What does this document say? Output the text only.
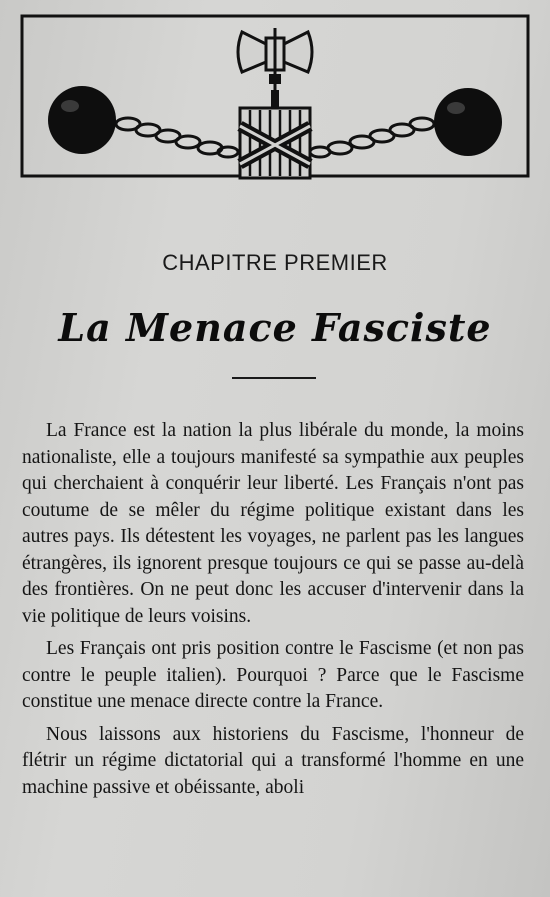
CHAPITRE PREMIER
La Menace Fasciste

La France est la nation la plus libérale du monde, la moins nationaliste, elle a toujours manifesté sa sympathie aux peuples qui cherchaient à conquérir leur liberté. Les Français n'ont pas coutume de se mêler du régime politique existant dans les autres pays. Ils détestent les voyages, ne parlent pas les langues étrangères, ils ignorent presque toujours ce qui se passe au-delà des frontières. On ne peut donc les accuser d'intervenir dans la vie politique de leurs voisins.

Les Français ont pris position contre le Fascisme (et non pas contre le peuple italien). Pourquoi ? Parce que le Fascisme constitue une menace directe contre la France.

Nous laissons aux historiens du Fascisme, l'honneur de flétrir un régime dictatorial qui a transformé l'homme en une machine passive et obéissante, aboli
